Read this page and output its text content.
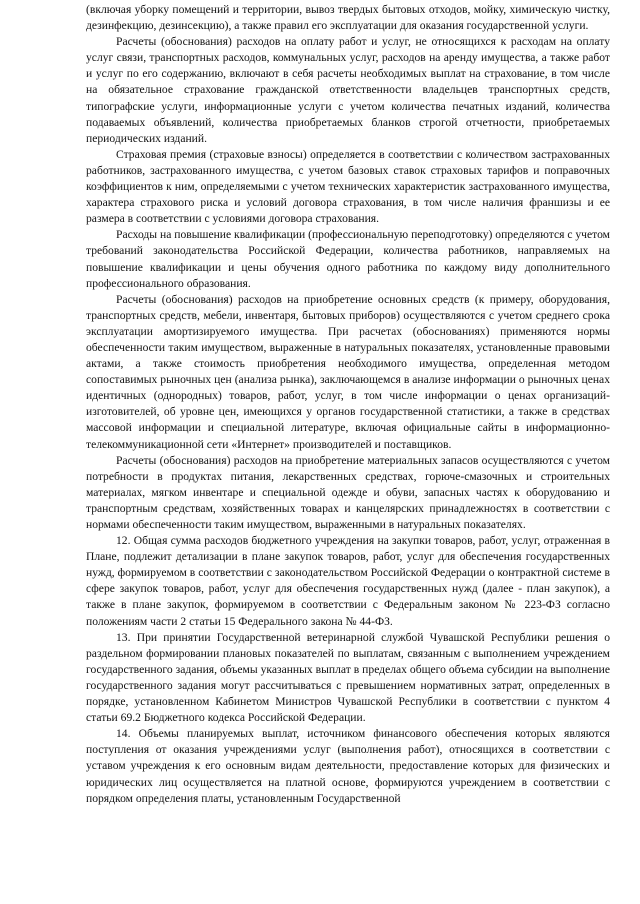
(включая уборку помещений и территории, вывоз твердых бытовых отходов, мойку, химическую чистку, дезинфекцию, дезинсекцию), а также правил его эксплуатации для оказания государственной услуги.

Расчеты (обоснования) расходов на оплату работ и услуг, не относящихся к расходам на оплату услуг связи, транспортных расходов, коммунальных услуг, расходов на аренду имущества, а также работ и услуг по его содержанию, включают в себя расчеты необходимых выплат на страхование, в том числе на обязательное страхование гражданской ответственности владельцев транспортных средств, типографские услуги, информационные услуги с учетом количества печатных изданий, количества подаваемых объявлений, количества приобретаемых бланков строгой отчетности, приобретаемых периодических изданий.

Страховая премия (страховые взносы) определяется в соответствии с количеством застрахованных работников, застрахованного имущества, с учетом базовых ставок страховых тарифов и поправочных коэффициентов к ним, определяемыми с учетом технических характеристик застрахованного имущества, характера страхового риска и условий договора страхования, в том числе наличия франшизы и ее размера в соответствии с условиями договора страхования.

Расходы на повышение квалификации (профессиональную переподготовку) определяются с учетом требований законодательства Российской Федерации, количества работников, направляемых на повышение квалификации и цены обучения одного работника по каждому виду дополнительного профессионального образования.

Расчеты (обоснования) расходов на приобретение основных средств (к примеру, оборудования, транспортных средств, мебели, инвентаря, бытовых приборов) осуществляются с учетом среднего срока эксплуатации амортизируемого имущества. При расчетах (обоснованиях) применяются нормы обеспеченности таким имуществом, выраженные в натуральных показателях, установленные правовыми актами, а также стоимость приобретения необходимого имущества, определенная методом сопоставимых рыночных цен (анализа рынка), заключающемся в анализе информации о рыночных ценах идентичных (однородных) товаров, работ, услуг, в том числе информации о ценах организаций-изготовителей, об уровне цен, имеющихся у органов государственной статистики, а также в средствах массовой информации и специальной литературе, включая официальные сайты в информационно-телекоммуникационной сети «Интернет» производителей и поставщиков.

Расчеты (обоснования) расходов на приобретение материальных запасов осуществляются с учетом потребности в продуктах питания, лекарственных средствах, горюче-смазочных и строительных материалах, мягком инвентаре и специальной одежде и обуви, запасных частях к оборудованию и транспортным средствам, хозяйственных товарах и канцелярских принадлежностях в соответствии с нормами обеспеченности таким имуществом, выраженными в натуральных показателях.

12. Общая сумма расходов бюджетного учреждения на закупки товаров, работ, услуг, отраженная в Плане, подлежит детализации в плане закупок товаров, работ, услуг для обеспечения государственных нужд, формируемом в соответствии с законодательством Российской Федерации о контрактной системе в сфере закупок товаров, работ, услуг для обеспечения государственных нужд (далее - план закупок), а также в плане закупок, формируемом в соответствии с Федеральным законом № 223-ФЗ согласно положениям части 2 статьи 15 Федерального закона № 44-ФЗ.

13. При принятии Государственной ветеринарной службой Чувашской Республики решения о раздельном формировании плановых показателей по выплатам, связанным с выполнением учреждением государственного задания, объемы указанных выплат в пределах общего объема субсидии на выполнение государственного задания могут рассчитываться с превышением нормативных затрат, определенных в порядке, установленном Кабинетом Министров Чувашской Республики в соответствии с пунктом 4 статьи 69.2 Бюджетного кодекса Российской Федерации.

14. Объемы планируемых выплат, источником финансового обеспечения которых являются поступления от оказания учреждениями услуг (выполнения работ), относящихся в соответствии с уставом учреждения к его основным видам деятельности, предоставление которых для физических и юридических лиц осуществляется на платной основе, формируются учреждением в соответствии с порядком определения платы, установленным Государственной
